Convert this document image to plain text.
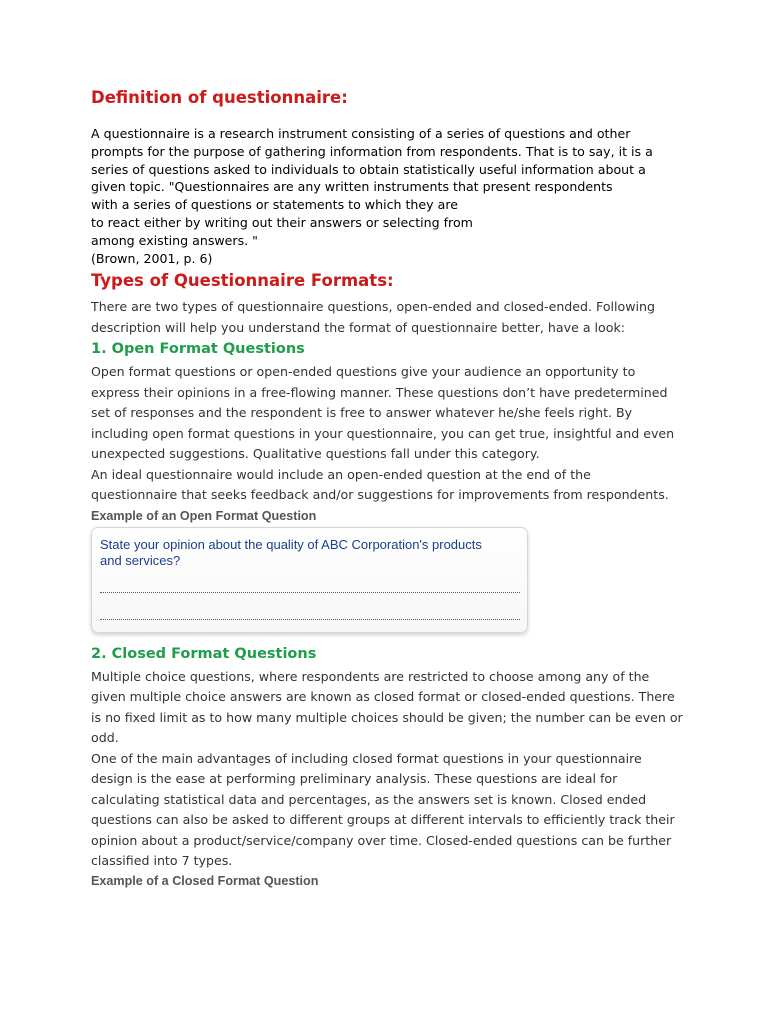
Definition of questionnaire:
A questionnaire is a research instrument consisting of a series of questions and other
prompts for the purpose of gathering information from respondents. That is to say, it is a
series of questions asked to individuals to obtain statistically useful information about a
given topic. "Questionnaires are any written instruments that present respondents
with a series of questions or statements to which they are
to react either by writing out their answers or selecting from
among existing answers. "
(Brown, 2001, p. 6)
Types of Questionnaire Formats:
There are two types of questionnaire questions, open-ended and closed-ended. Following
description will help you understand the format of questionnaire better, have a look:
1. Open Format Questions
Open format questions or open-ended questions give your audience an opportunity to
express their opinions in a free-flowing manner. These questions don’t have predetermined
set of responses and the respondent is free to answer whatever he/she feels right. By
including open format questions in your questionnaire, you can get true, insightful and even
unexpected suggestions. Qualitative questions fall under this category.
An ideal questionnaire would include an open-ended question at the end of the
questionnaire that seeks feedback and/or suggestions for improvements from respondents.
Example of an Open Format Question
State your opinion about the quality of ABC Corporation's products and services?
2. Closed Format Questions
Multiple choice questions, where respondents are restricted to choose among any of the
given multiple choice answers are known as closed format or closed-ended questions. There
is no fixed limit as to how many multiple choices should be given; the number can be even or
odd.
One of the main advantages of including closed format questions in your questionnaire
design is the ease at performing preliminary analysis. These questions are ideal for
calculating statistical data and percentages, as the answers set is known. Closed ended
questions can also be asked to different groups at different intervals to efficiently track their
opinion about a product/service/company over time. Closed-ended questions can be further
classified into 7 types.
Example of a Closed Format Question
